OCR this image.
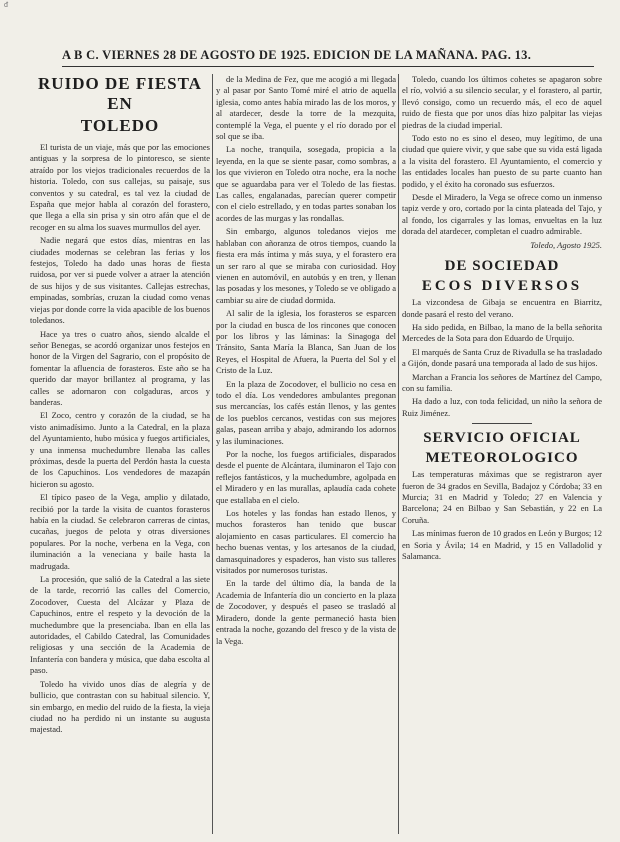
ᵭ
A B C. VIERNES 28 DE AGOSTO DE 1925. EDICION DE LA MAÑANA. PAG. 13.

RUIDO DE FIESTA EN

TOLEDO

El turista de un viaje, más que por las emociones antiguas y la sorpresa de lo pintoresco, se siente atraído por los viejos tradicionales recuerdos de la historia. Toledo, con sus callejas, su paisaje, sus conventos y su catedral, es tal vez la ciudad de España que mejor habla al corazón del forastero, que llega a ella sin prisa y sin otro afán que el de recoger en su alma los suaves murmullos del ayer.

Nadie negará que estos días, mientras en las ciudades modernas se celebran las ferias y los festejos, Toledo ha dado unas horas de fiesta ruidosa, por ver si puede volver a atraer la atención de sus hijos y de sus visitantes. Callejas estrechas, empinadas, sombrías, cruzan la ciudad como venas viejas por donde corre la vida apacible de los buenos toledanos.

Hace ya tres o cuatro años, siendo alcalde el señor Benegas, se acordó organizar unos festejos en honor de la Virgen del Sagrario, con el propósito de fomentar la afluencia de forasteros. Este año se ha querido dar mayor brillantez al programa, y las calles se adornaron con colgaduras, arcos y banderas.

El Zoco, centro y corazón de la ciudad, se ha visto animadísimo. Junto a la Catedral, en la plaza del Ayuntamiento, hubo música y fuegos artificiales, y una inmensa muchedumbre llenaba las calles próximas, desde la puerta del Perdón hasta la cuesta de los Capuchinos. Los vendedores de mazapán hicieron su agosto.

El típico paseo de la Vega, amplio y dilatado, recibió por la tarde la visita de cuantos forasteros había en la ciudad. Se celebraron carreras de cintas, cucañas, juegos de pelota y otras diversiones populares. Por la noche, verbena en la Vega, con iluminación a la veneciana y baile hasta la madrugada.

La procesión, que salió de la Catedral a las siete de la tarde, recorrió las calles del Comercio, Zocodover, Cuesta del Alcázar y Plaza de Capuchinos, entre el respeto y la devoción de la muchedumbre que la presenciaba. Iban en ella las autoridades, el Cabildo Catedral, las Comunidades religiosas y una sección de la Academia de Infantería con bandera y música, que daba escolta al paso.

Toledo ha vivido unos días de alegría y de bullicio, que contrastan con su habitual silencio. Y, sin embargo, en medio del ruido de la fiesta, la vieja ciudad no ha perdido ni un instante su augusta majestad.

de la Medina de Fez, que me acogió a mi llegada y al pasar por Santo Tomé miré el atrio de aquella iglesia, como antes había mirado las de los moros, y al atardecer, desde la torre de la mezquita, contemplé la Vega, el puente y el río dorado por el sol que se iba.

La noche, tranquila, sosegada, propicia a la leyenda, en la que se siente pasar, como sombras, a los que vivieron en Toledo otra noche, era la noche que se aguardaba para ver el Toledo de las fiestas. Las calles, engalanadas, parecían querer competir con el cielo estrellado, y en todas partes sonaban los acordes de las murgas y las rondallas.

Sin embargo, algunos toledanos viejos me hablaban con añoranza de otros tiempos, cuando la fiesta era más íntima y más suya, y el forastero era un ser raro al que se miraba con curiosidad. Hoy vienen en automóvil, en autobús y en tren, y llenan las posadas y los mesones, y Toledo se ve obligado a cambiar su aire de ciudad dormida.

Al salir de la iglesia, los forasteros se esparcen por la ciudad en busca de los rincones que conocen por los libros y las láminas: la Sinagoga del Tránsito, Santa María la Blanca, San Juan de los Reyes, el Hospital de Afuera, la Puerta del Sol y el Cristo de la Luz.

En la plaza de Zocodover, el bullicio no cesa en todo el día. Los vendedores ambulantes pregonan sus mercancías, los cafés están llenos, y las gentes de los pueblos cercanos, vestidas con sus mejores galas, pasean arriba y abajo, admirando los adornos y las iluminaciones.

Por la noche, los fuegos artificiales, disparados desde el puente de Alcántara, iluminaron el Tajo con reflejos fantásticos, y la muchedumbre, agolpada en el Miradero y en las murallas, aplaudía cada cohete que estallaba en el cielo.

Los hoteles y las fondas han estado llenos, y muchos forasteros han tenido que buscar alojamiento en casas particulares. El comercio ha hecho buenas ventas, y los artesanos de la ciudad, damasquinadores y espaderos, han visto sus talleres visitados por numerosos turistas.

En la tarde del último día, la banda de la Academia de Infantería dio un concierto en la plaza de Zocodover, y después el paseo se trasladó al Miradero, donde la gente permaneció hasta bien entrada la noche, gozando del fresco y de la vista de la Vega.

Toledo, cuando los últimos cohetes se apagaron sobre el río, volvió a su silencio secular, y el forastero, al partir, llevó consigo, como un recuerdo más, el eco de aquel ruido de fiesta que por unos días hizo palpitar las viejas piedras de la ciudad imperial.

Todo esto no es sino el deseo, muy legítimo, de una ciudad que quiere vivir, y que sabe que su vida está ligada a la visita del forastero. El Ayuntamiento, el comercio y las entidades locales han puesto de su parte cuanto han podido, y el éxito ha coronado sus esfuerzos.

Desde el Miradero, la Vega se ofrece como un inmenso tapiz verde y oro, cortado por la cinta plateada del Tajo, y al fondo, los cigarrales y las lomas, envueltas en la luz dorada del atardecer, completan el cuadro admirable.

Toledo, Agosto 1925.

DE SOCIEDAD

ECOS DIVERSOS

La vizcondesa de Gibaja se encuentra en Biarritz, donde pasará el resto del verano.

Ha sido pedida, en Bilbao, la mano de la bella señorita Mercedes de la Sota para don Eduardo de Urquijo.

El marqués de Santa Cruz de Rivadulla se ha trasladado a Gijón, donde pasará una temporada al lado de sus hijos.

Marchan a Francia los señores de Martínez del Campo, con su familia.

Ha dado a luz, con toda felicidad, un niño la señora de Ruiz Jiménez.

SERVICIO OFICIAL

METEOROLOGICO

Las temperaturas máximas que se registraron ayer fueron de 34 grados en Sevilla, Badajoz y Córdoba; 33 en Murcia; 31 en Madrid y Toledo; 27 en Valencia y Barcelona; 24 en Bilbao y San Sebastián, y 22 en La Coruña.

Las mínimas fueron de 10 grados en León y Burgos; 12 en Soria y Ávila; 14 en Madrid, y 15 en Valladolid y Salamanca.
